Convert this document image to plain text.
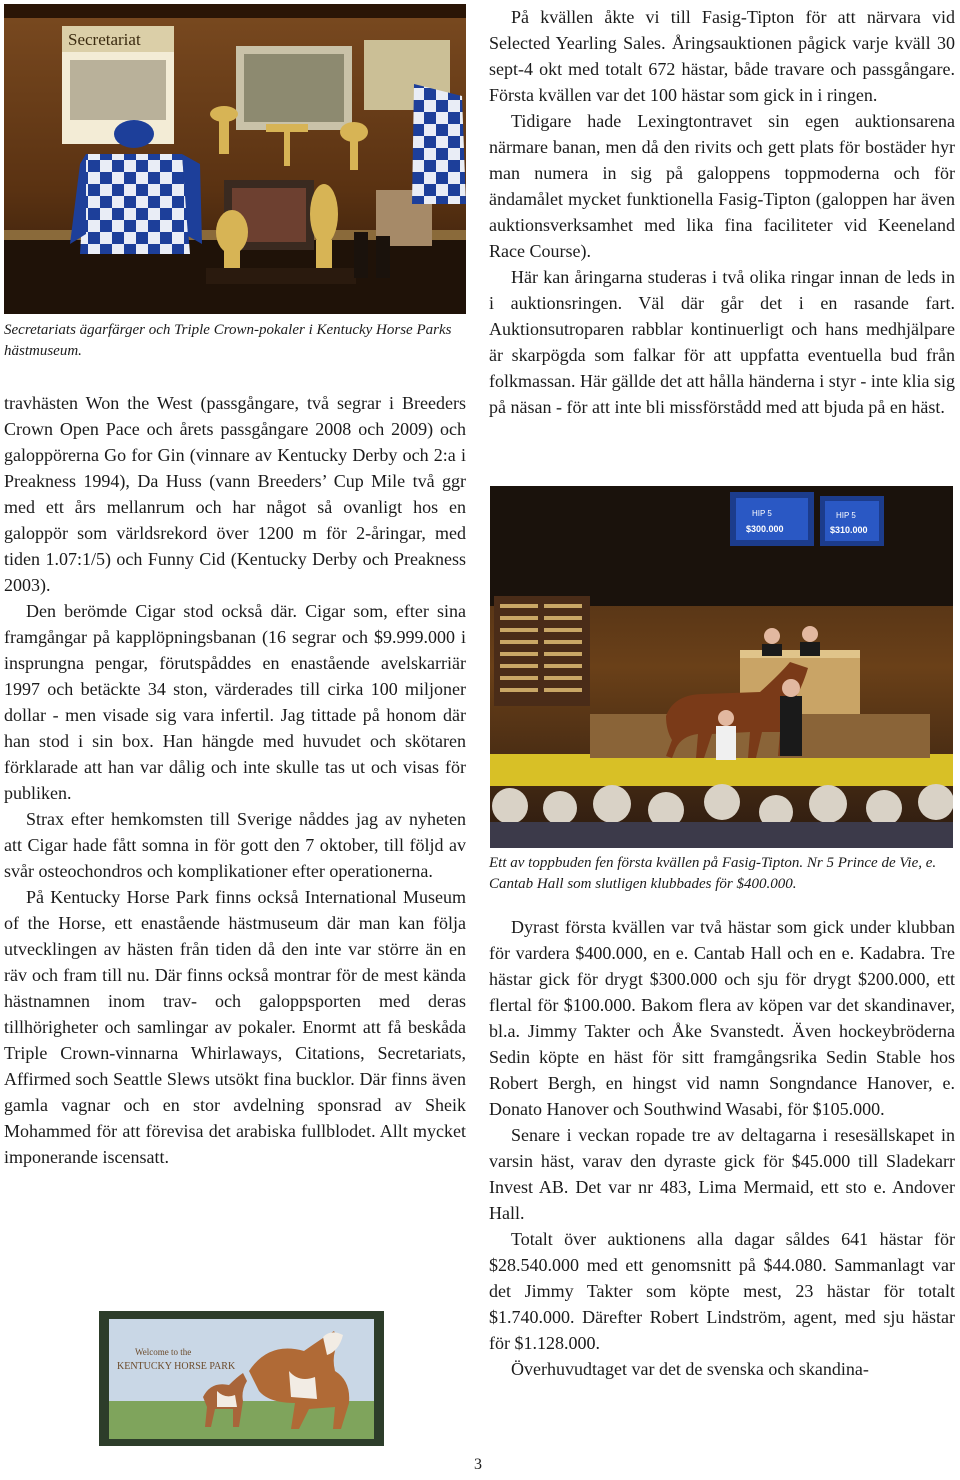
Secretariat

Secretariats ägarfärger och Triple Crown-pokaler i Kentucky Horse Parks hästmuseum.

travhästen Won the West (passgångare, två segrar i Breeders Crown Open Pace och årets passgångare 2008 och 2009) och galoppörerna Go for Gin (vinnare av Kentucky Derby och 2:a i Preakness 1994), Da Huss (vann Breeders’ Cup Mile två ggr med ett års mellanrum och har något så ovanligt hos en galoppör som världsrekord över 1200 m för 2-åringar, med tiden 1.07:1/5) och Funny Cid (Kentucky Derby och Preakness 2003).

Den berömde Cigar stod också där. Cigar som, efter sina framgångar på kapplöpningsbanan (16 segrar och $9.999.000 i insprungna pengar, förutspåddes en enastående avelskarriär 1997 och betäckte 34 ston, värderades till cirka 100 miljoner dollar - men visade sig vara infertil. Jag tittade på honom där han stod i sin box. Han hängde med huvudet och skötaren förklarade att han var dålig och inte skulle tas ut och visas för publiken.

Strax efter hemkomsten till Sverige nåddes jag av nyheten att Cigar hade fått somna in för gott den 7 oktober, till följd av svår osteochondros och komplikationer efter operationerna.

På Kentucky Horse Park finns också International Museum of the Horse, ett enastående hästmuseum där man kan följa utvecklingen av hästen från tiden då den inte var större än en räv och fram till nu. Där finns också montrar för de mest kända hästnamnen inom trav- och galoppsporten med deras tillhörigheter och samlingar av pokaler. Enormt att få beskåda Triple Crown-vinnarna Whirlaways, Citations, Secretariats, Affirmed soch Seattle Slews utsökt fina bucklor. Där finns även gamla vagnar och en stor avdelning sponsrad av Sheik Mohammed för att förevisa det arabiska fullblodet. Allt mycket imponerande iscensatt.

Welcome to the
KENTUCKY HORSE PARK

På kvällen åkte vi till Fasig-Tipton för att närvara vid Selected Yearling Sales. Åringsauktionen pågick varje kväll 30 sept-4 okt med totalt 672 hästar, både travare och passgångare. Första kvällen var det 100 hästar som gick in i ringen.

Tidigare hade Lexingtontravet sin egen auktionsarena närmare banan, men då den rivits och gett plats för bostäder hyr man numera in sig på galoppens toppmoderna och för ändamålet mycket funktionella Fasig-Tipton (galoppen har även auktionsverksamhet med lika fina faciliteter vid Keeneland Race Course).

Här kan åringarna studeras i två olika ringar innan de leds in i auktionsringen. Väl där går det i en rasande fart. Auktionsutroparen rabblar kontinuerligt och hans medhjälpare är skarpögda som falkar för att uppfatta eventuella bud från folkmassan. Här gällde det att hålla händerna i styr - inte klia sig på näsan - för att inte bli missförstådd med att bjuda på en häst.

HIP 5
$300.000
HIP 5
$310.000

Ett av toppbuden fen första kvällen på Fasig-Tipton. Nr 5 Prince de Vie, e. Cantab Hall som slutligen klubbades för $400.000.

Dyrast första kvällen var två hästar som gick under klubban för vardera $400.000, en e. Cantab Hall och en e. Kadabra. Tre hästar gick för drygt $300.000 och sju för drygt $200.000, ett flertal för $100.000. Bakom flera av köpen var det skandinaver, bl.a. Jimmy Takter och Åke Svanstedt. Även hockeybröderna Sedin köpte en häst för sitt framgångsrika Sedin Stable hos Robert Bergh, en hingst vid namn Songndance Hanover, e. Donato Hanover och Southwind Wasabi, för $105.000.

Senare i veckan ropade tre av deltagarna i resesällskapet in varsin häst, varav den dyraste gick för $45.000 till Sladekarr Invest AB. Det var nr 483, Lima Mermaid, ett sto e. Andover Hall.

Totalt över auktionens alla dagar såldes 641 hästar för $28.540.000 med ett genomsnitt på $44.080. Sammanlagt var det Jimmy Takter som köpte mest, 23 hästar för totalt $1.740.000. Därefter Robert Lindström, agent, med sju hästar för $1.128.000.

Överhuvudtaget var det de svenska och skandina-

3
